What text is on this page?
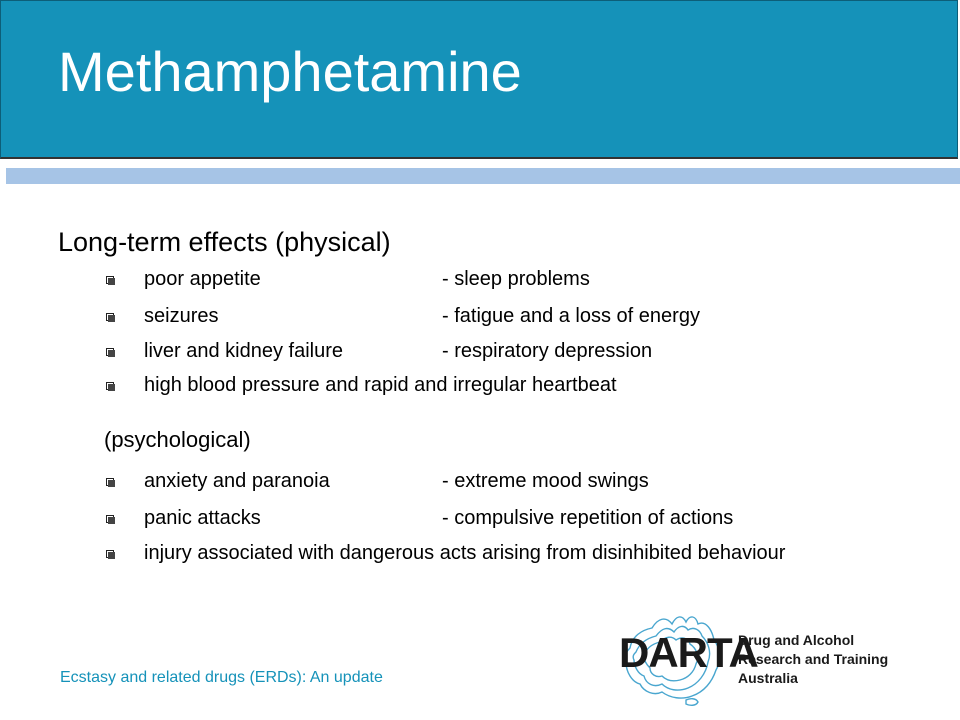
Methamphetamine
Long-term effects (physical)
poor appetite	- sleep problems
seizures	- fatigue and a loss of energy
liver and kidney failure	- respiratory depression
high blood pressure and rapid and irregular heartbeat
(psychological)
anxiety and paranoia	- extreme mood swings
panic attacks	- compulsive repetition of actions
injury associated with dangerous acts arising from disinhibited behaviour
Ecstasy and related drugs (ERDs): An update
DARTA
Drug and Alcohol
Research and Training
Australia
